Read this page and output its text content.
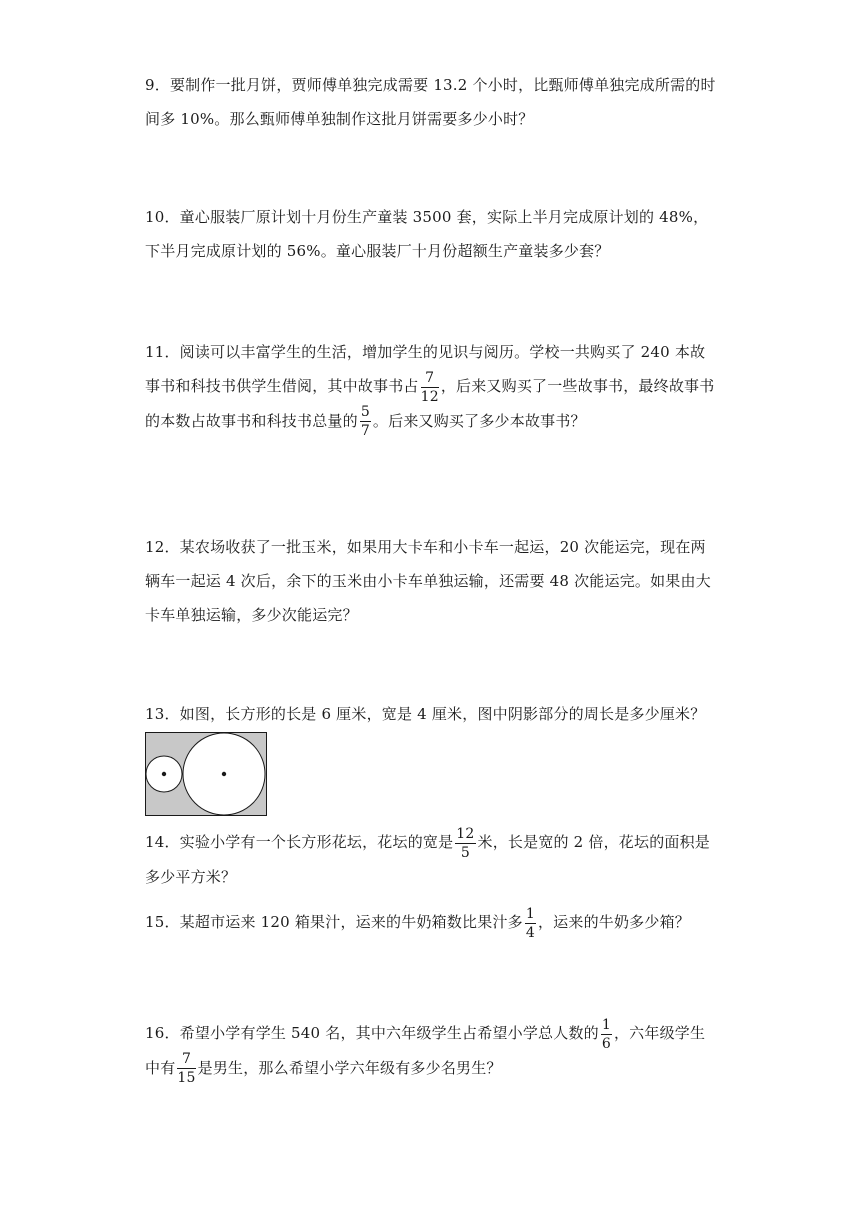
9．要制作一批月饼，贾师傅单独完成需要 13.2 个小时，比甄师傅单独完成所需的时间多 10%。那么甄师傅单独制作这批月饼需要多少小时？
10．童心服装厂原计划十月份生产童装 3500 套，实际上半月完成原计划的 48%，下半月完成原计划的 56%。童心服装厂十月份超额生产童装多少套？
11．阅读可以丰富学生的生活，增加学生的见识与阅历。学校一共购买了 240 本故事书和科技书供学生借阅，其中故事书占 $\frac{7}{12}$ ，后来又购买了一些故事书，最终故事书的本数占故事书和科技书总量的 $\frac{5}{7}$ 。后来又购买了多少本故事书？
12．某农场收获了一批玉米，如果用大卡车和小卡车一起运，20 次能运完，现在两辆车一起运 4 次后，余下的玉米由小卡车单独运输，还需要 48 次能运完。如果由大卡车单独运输，多少次能运完？
13．如图，长方形的长是 6 厘米，宽是 4 厘米，图中阴影部分的周长是多少厘米？
14．实验小学有一个长方形花坛，花坛的宽是 $\frac{12}{5}$ 米，长是宽的 2 倍，花坛的面积是多少平方米？
15．某超市运来 120 箱果汁，运来的牛奶箱数比果汁多 $\frac{1}{4}$ ，运来的牛奶多少箱？
16．希望小学有学生 540 名，其中六年级学生占希望小学总人数的 $\frac{1}{6}$ ，六年级学生中有 $\frac{7}{15}$ 是男生，那么希望小学六年级有多少名男生？
